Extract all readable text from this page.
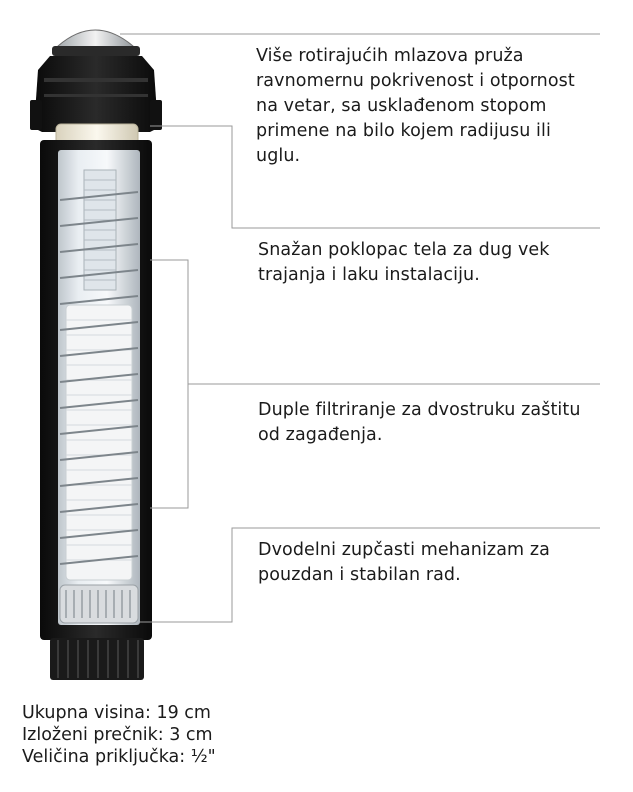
Više rotirajućih mlazova pruža ravnomernu pokrivenost i otpornost na vetar, sa usklađenom stopom primene na bilo kojem radijusu ili uglu.
Snažan poklopac tela za dug vek trajanja i laku instalaciju.
Duple filtriranje za dvostruku zaštitu od zagađenja.
Dvodelni zupčasti mehanizam za pouzdan i stabilan rad.
Ukupna visina: 19 cm
Izloženi prečnik: 3 cm
Veličina priključka: ½"
